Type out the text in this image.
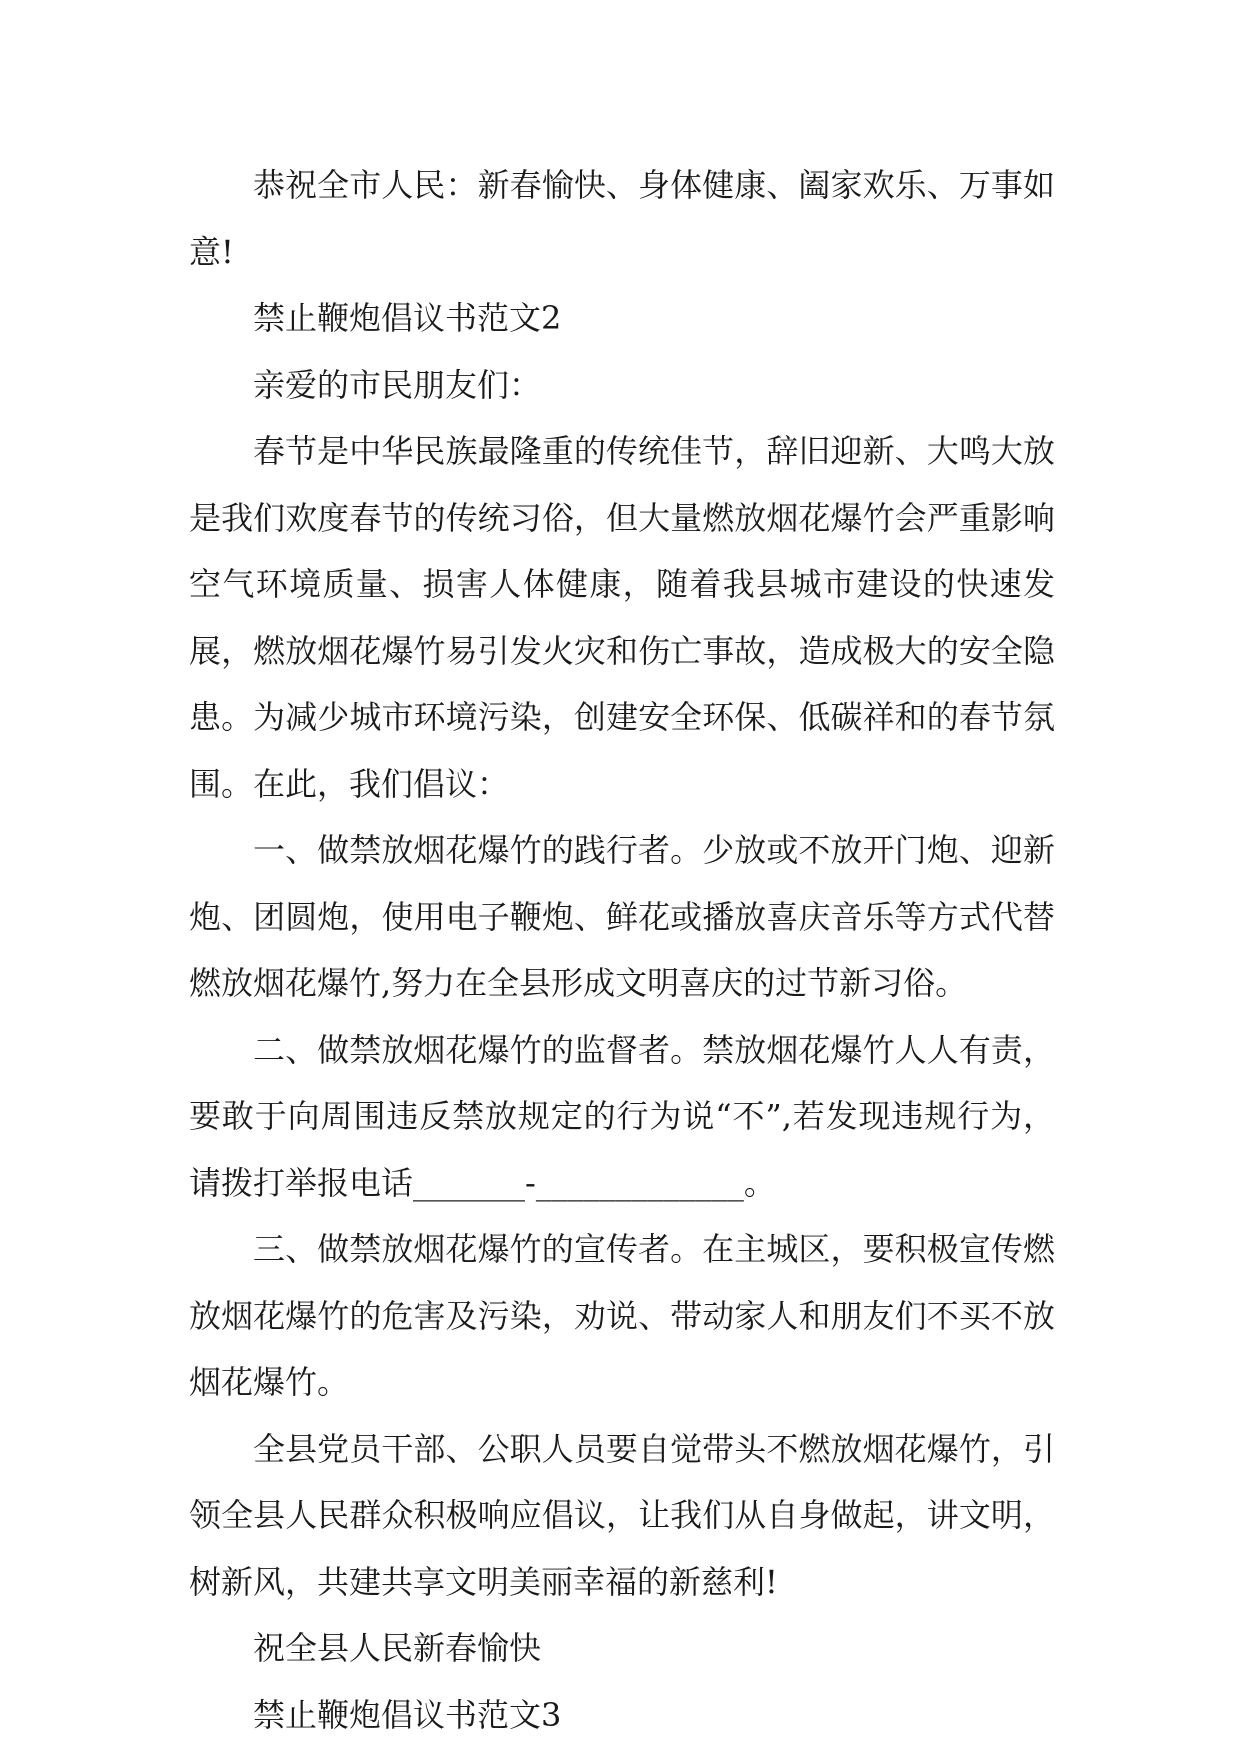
恭祝全市人民：新春愉快、身体健康、阖家欢乐、万事如意!

禁止鞭炮倡议书范文2

亲爱的市民朋友们：

春节是中华民族最隆重的传统佳节，辞旧迎新、大鸣大放是我们欢度春节的传统习俗，但大量燃放烟花爆竹会严重影响空气环境质量、损害人体健康，随着我县城市建设的快速发展，燃放烟花爆竹易引发火灾和伤亡事故，造成极大的安全隐患。为减少城市环境污染，创建安全环保、低碳祥和的春节氛围。在此，我们倡议：

一、做禁放烟花爆竹的践行者。少放或不放开门炮、迎新炮、团圆炮，使用电子鞭炮、鲜花或播放喜庆音乐等方式代替燃放烟花爆竹,努力在全县形成文明喜庆的过节新习俗。

二、做禁放烟花爆竹的监督者。禁放烟花爆竹人人有责，要敢于向周围违反禁放规定的行为说“不”,若发现违规行为，请拨打举报电话_______-_____________。

三、做禁放烟花爆竹的宣传者。在主城区，要积极宣传燃放烟花爆竹的危害及污染，劝说、带动家人和朋友们不买不放烟花爆竹。

全县党员干部、公职人员要自觉带头不燃放烟花爆竹，引领全县人民群众积极响应倡议，让我们从自身做起，讲文明，树新风，共建共享文明美丽幸福的新慈利!

祝全县人民新春愉快

禁止鞭炮倡议书范文3
